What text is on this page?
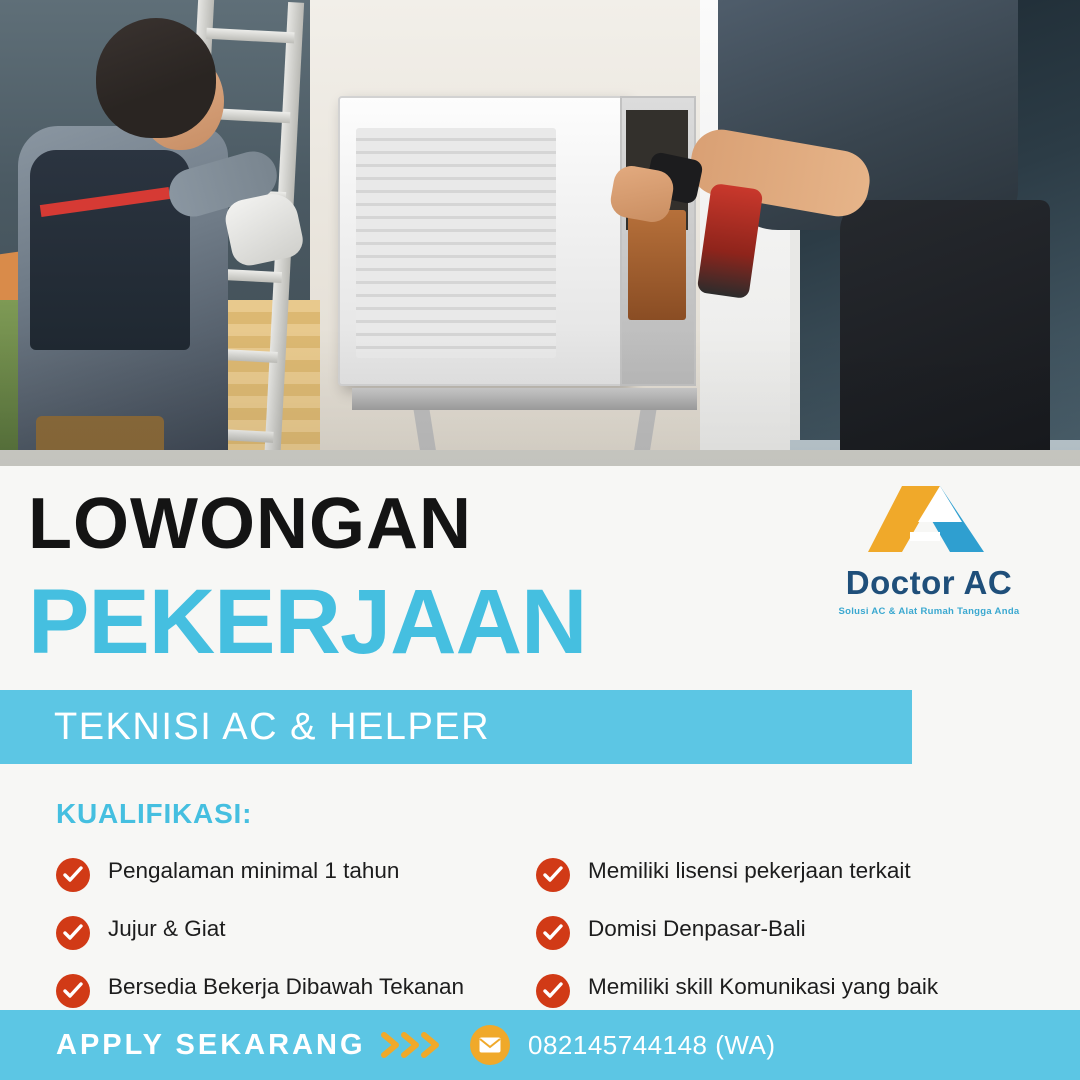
LOWONGAN
PEKERJAAN	Doctor AC
Solusi AC & Alat Rumah Tangga Anda
TEKNISI AC & HELPER
KUALIFIKASI:
Pengalaman minimal 1 tahun
Jujur & Giat
Bersedia Bekerja Dibawah Tekanan
Memiliki lisensi pekerjaan terkait
Domisi Denpasar-Bali
Memiliki skill Komunikasi yang baik
APPLY SEKARANG	082145744148 (WA)
